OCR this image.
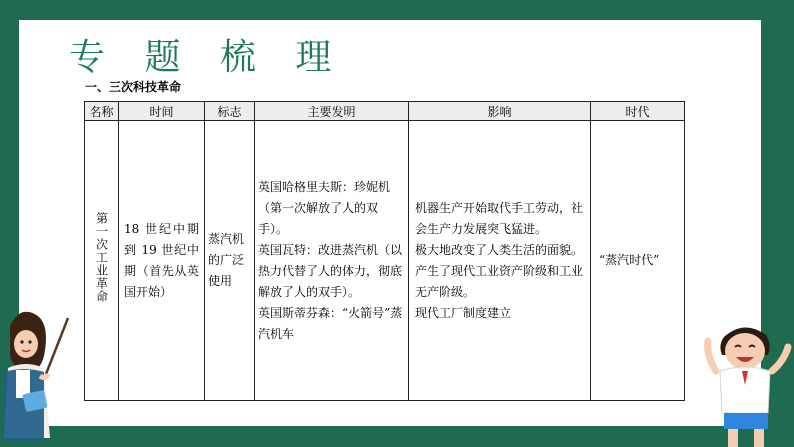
专 题 梳 理
一、三次科技革命
名称	时间	标志	主要发明	影响	时代
第一次工业革命	18 世纪中期到 19 世纪中期（首先从英国开始）	蒸汽机的广泛使用	英国哈格里夫斯：珍妮机（第一次解放了人的双手）。
英国瓦特：改进蒸汽机（以热力代替了人的体力，彻底解放了人的双手）。
英国斯蒂芬森：“火箭号”蒸汽机车	机器生产开始取代手工劳动，社会生产力发展突飞猛进。
极大地改变了人类生活的面貌。
产生了现代工业资产阶级和工业无产阶级。
现代工厂制度建立	“蒸汽时代”
